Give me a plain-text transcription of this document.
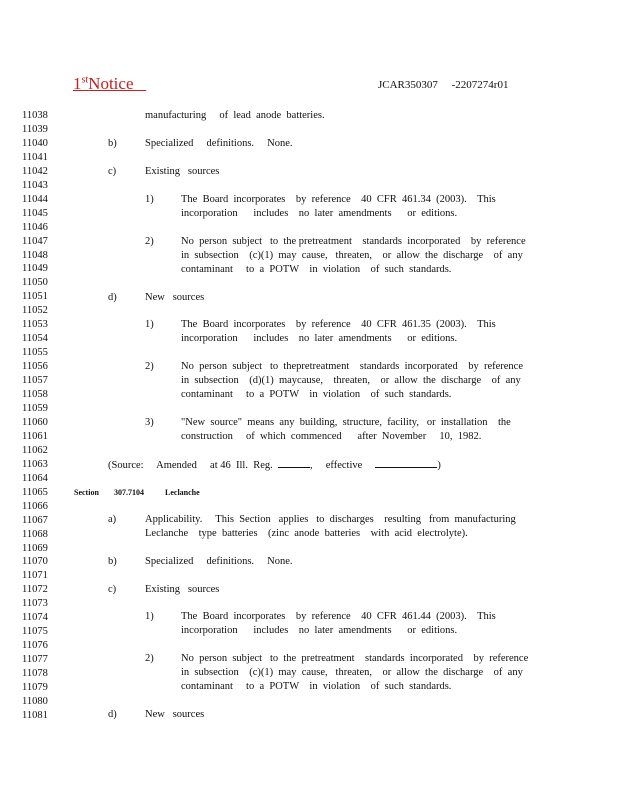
1stNotice	JCAR350307     -2207274r01
11038
11039
11040
11041
11042
11043
11044
11045
11046
11047
11048
11049
11050
11051
11052
11053
11054
11055
11056
11057
11058
11059
11060
11061
11062
11063
11064
11065
11066
11067
11068
11069
11070
11071
11072
11073
11074
11075
11076
11077
11078
11079
11080
11081
manufacturing     of  lead  anode  batteries.
b)	Specialized     definitions.     None.
c)	Existing   sources
1)	The  Board  incorporates    by  reference    40  CFR  461.34  (2003).    This
incorporation      includes    no  later  amendments      or  editions.
2)	No  person  subject   to  the pretreatment    standards  incorporated    by  reference
in  subsection    (c)(1)  may  cause,   threaten,    or  allow  the  discharge    of  any
contaminant     to  a  POTW    in  violation    of  such  standards.
d)	New   sources
1)	The  Board  incorporates    by  reference    40  CFR  461.35  (2003).    This
incorporation      includes    no  later  amendments      or  editions.
2)	No  person  subject   to  thepretreatment    standards  incorporated    by  reference
in  subsection    (d)(1)  maycause,    threaten,    or  allow  the  discharge    of  any
contaminant     to  a  POTW    in  violation    of  such  standards.
3)	"New  source"  means  any  building,  structure,  facility,   or  installation    the
construction     of  which  commenced      after  November     10,  1982.
(Source:     Amended     at 46  Ill.  Reg.	,     effective	)
Section 307.7104	Leclanche
a)	Applicability.     This  Section   applies   to  discharges    resulting   from  manufacturing
Leclanche    type  batteries    (zinc  anode  batteries    with  acid  electrolyte).
b)	Specialized     definitions.     None.
c)	Existing   sources
1)	The  Board  incorporates    by  reference    40  CFR  461.44  (2003).    This
incorporation      includes    no  later  amendments      or  editions.
2)	No  person  subject   to  the  pretreatment    standards  incorporated    by  reference
in  subsection    (c)(1)  may  cause,   threaten,    or  allow  the  discharge    of  any
contaminant     to  a  POTW    in  violation    of  such  standards.
d)	New   sources
